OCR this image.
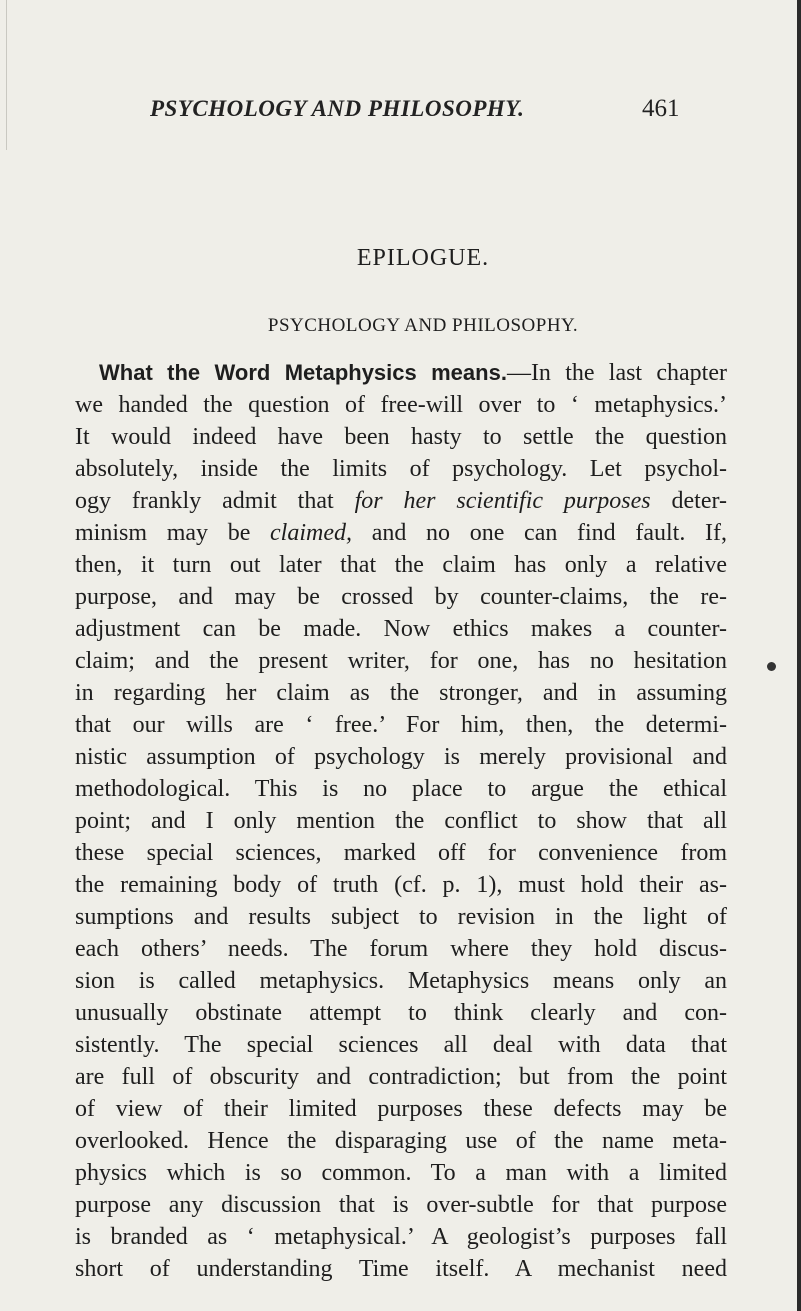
PSYCHOLOGY AND PHILOSOPHY.	461
EPILOGUE.
PSYCHOLOGY AND PHILOSOPHY.
What the Word Metaphysics means.—In the last chapter
we handed the question of free-will over to ‘ metaphysics.’
It would indeed have been hasty to settle the question
absolutely, inside the limits of psychology. Let psychol-
ogy frankly admit that for her scientific purposes deter-
minism may be claimed, and no one can find fault. If,
then, it turn out later that the claim has only a relative
purpose, and may be crossed by counter-claims, the re-
adjustment can be made. Now ethics makes a counter-
claim; and the present writer, for one, has no hesitation
in regarding her claim as the stronger, and in assuming
that our wills are ‘ free.’ For him, then, the determi-
nistic assumption of psychology is merely provisional and
methodological. This is no place to argue the ethical
point; and I only mention the conflict to show that all
these special sciences, marked off for convenience from
the remaining body of truth (cf. p. 1), must hold their as-
sumptions and results subject to revision in the light of
each others’ needs. The forum where they hold discus-
sion is called metaphysics. Metaphysics means only an
unusually obstinate attempt to think clearly and con-
sistently. The special sciences all deal with data that
are full of obscurity and contradiction; but from the point
of view of their limited purposes these defects may be
overlooked. Hence the disparaging use of the name meta-
physics which is so common. To a man with a limited
purpose any discussion that is over-subtle for that purpose
is branded as ‘ metaphysical.’ A geologist’s purposes fall
short of understanding Time itself. A mechanist need
